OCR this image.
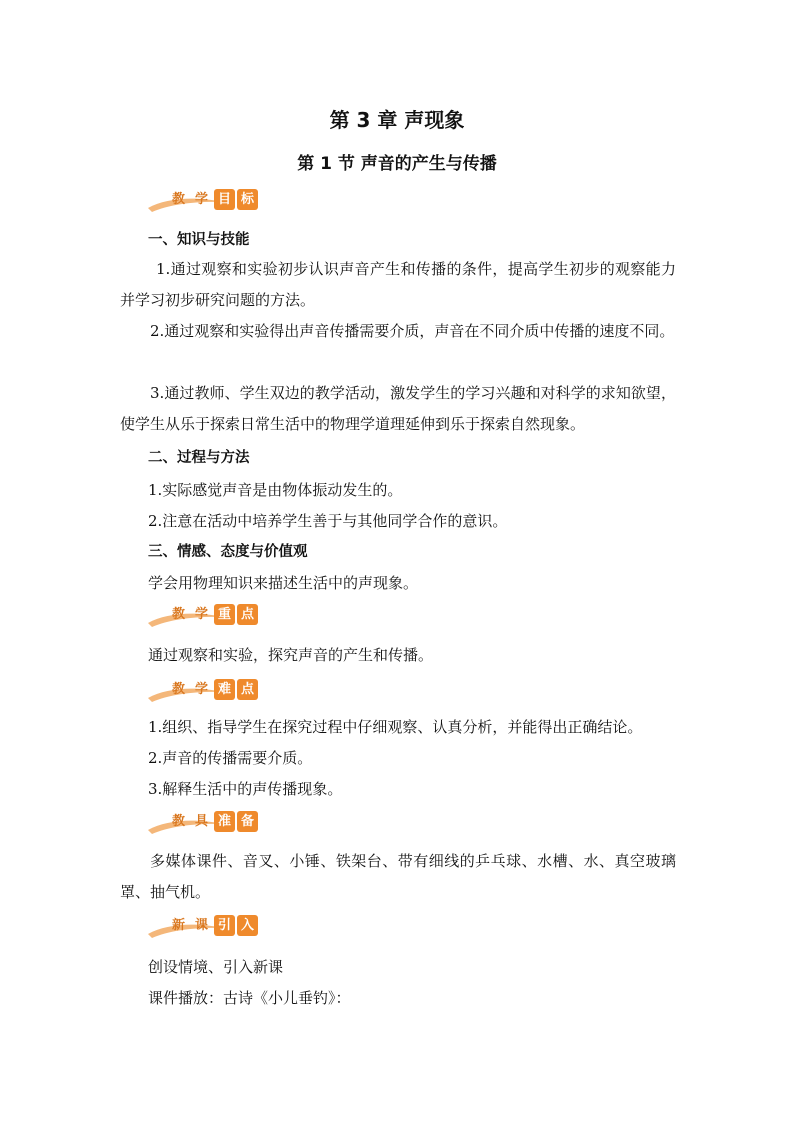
第 3 章 声现象
第 1 节 声音的产生与传播
教 学 目 标
一、知识与技能
1.通过观察和实验初步认识声音产生和传播的条件，提高学生初步的观察能力并学习初步研究问题的方法。
2.通过观察和实验得出声音传播需要介质，声音在不同介质中传播的速度不同。
3.通过教师、学生双边的教学活动，激发学生的学习兴趣和对科学的求知欲望，使学生从乐于探索日常生活中的物理学道理延伸到乐于探索自然现象。
二、过程与方法
1.实际感觉声音是由物体振动发生的。
2.注意在活动中培养学生善于与其他同学合作的意识。
三、情感、态度与价值观
学会用物理知识来描述生活中的声现象。
教 学 重 点
通过观察和实验，探究声音的产生和传播。
教 学 难 点
1.组织、指导学生在探究过程中仔细观察、认真分析，并能得出正确结论。
2.声音的传播需要介质。
3.解释生活中的声传播现象。
教 具 准 备
多媒体课件、音叉、小锤、铁架台、带有细线的乒乓球、水槽、水、真空玻璃罩、抽气机。
新 课 引 入
创设情境、引入新课
课件播放：古诗《小儿垂钓》：
